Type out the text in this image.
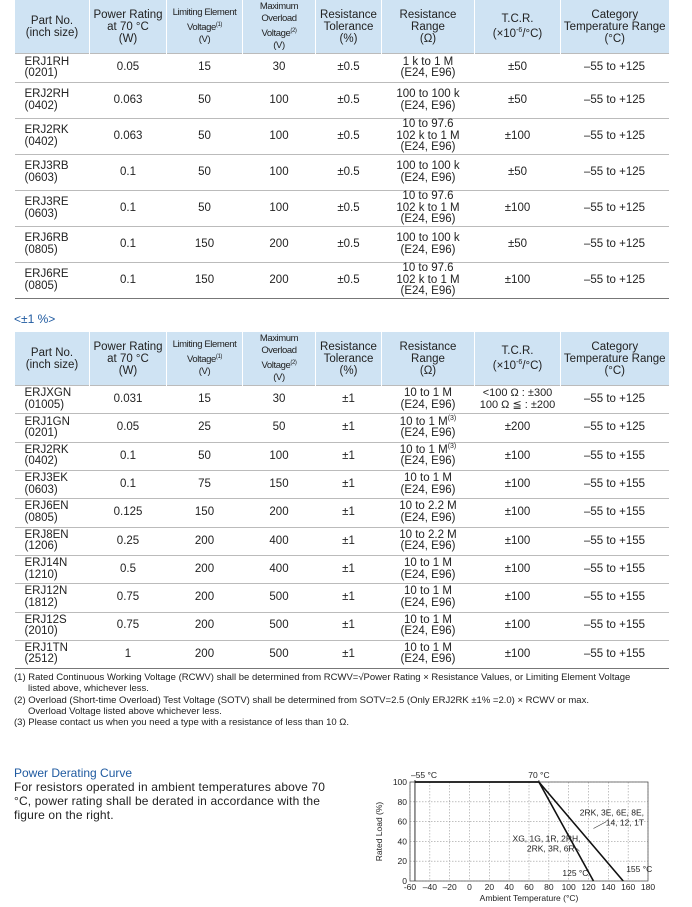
Part No.
(inch size)	Power Rating
at 70 °C
(W)	Limiting Element
Voltage$^{(1)}$
(V)	Maximum Overload
Voltage$^{(2)}$
(V)	Resistance
Tolerance
(%)	Resistance
Range
(Ω)	T.C.R.
$(\times 10^{-6}/^\circ C)$	Category
Temperature Range
(°C)
ERJ1RH
(0201)	0.05	15	30	±0.5	1 k to 1 M
(E24, E96)	±50	–55 to +125
ERJ2RH
(0402)	0.063	50	100	±0.5	100 to 100 k
(E24, E96)	±50	–55 to +125
ERJ2RK
(0402)	0.063	50	100	±0.5	10 to 97.6
102 k to 1 M
(E24, E96)	±100	–55 to +125
ERJ3RB
(0603)	0.1	50	100	±0.5	100 to 100 k
(E24, E96)	±50	–55 to +125
ERJ3RE
(0603)	0.1	50	100	±0.5	10 to 97.6
102 k to 1 M
(E24, E96)	±100	–55 to +125
ERJ6RB
(0805)	0.1	150	200	±0.5	100 to 100 k
(E24, E96)	±50	–55 to +125
ERJ6RE
(0805)	0.1	150	200	±0.5	10 to 97.6
102 k to 1 M
(E24, E96)	±100	–55 to +125
<±1 %>
Part No.
(inch size)	Power Rating
at 70 °C
(W)	Limiting Element
Voltage$^{(1)}$
(V)	Maximum Overload
Voltage$^{(2)}$
(V)	Resistance
Tolerance
(%)	Resistance
Range
(Ω)	T.C.R.
$(\times 10^{-6}/^\circ C)$	Category
Temperature Range
(°C)
ERJXGN
(01005)	0.031	15	30	±1	10 to 1 M
(E24, E96)	<100 Ω : ±300
100 Ω ≦ : ±200	–55 to +125
ERJ1GN
(0201)	0.05	25	50	±1	10 to 1 $M^{(3)}$
(E24, E96)	±200	–55 to +125
ERJ2RK
(0402)	0.1	50	100	±1	10 to 1 $M^{(3)}$
(E24, E96)	±100	–55 to +155
ERJ3EK
(0603)	0.1	75	150	±1	10 to 1 M
(E24, E96)	±100	–55 to +155
ERJ6EN
(0805)	0.125	150	200	±1	10 to 2.2 M
(E24, E96)	±100	–55 to +155
ERJ8EN
(1206)	0.25	200	400	±1	10 to 2.2 M
(E24, E96)	±100	–55 to +155
ERJ14N
(1210)	0.5	200	400	±1	10 to 1 M
(E24, E96)	±100	–55 to +155
ERJ12N
(1812)	0.75	200	500	±1	10 to 1 M
(E24, E96)	±100	–55 to +155
ERJ12S
(2010)	0.75	200	500	±1	10 to 1 M
(E24, E96)	±100	–55 to +155
ERJ1TN
(2512)	1	200	500	±1	10 to 1 M
(E24, E96)	±100	–55 to +155
(1) Rated Continuous Working Voltage (RCWV) shall be determined from RCWV=√Power Rating × Resistance Values, or Limiting Element Voltage
listed above, whichever less.
(2) Overload (Short-time Overload) Test Voltage (SOTV) shall be determined from SOTV=2.5 (Only ERJ2RK ±1% =2.0) × RCWV or max.
Overload Voltage listed above whichever less.
(3) Please contact us when you need a type with a resistance of less than 10 Ω.
Power Derating Curve
For resistors operated in ambient temperatures above 70 °C, power rating shall be derated in accordance with the figure on the right.
0
20
40
60
80
100
-60 –40 –20 0 20 40 60 80 100 120 140 160 180
Ambient Temperature (°C)
Rated Load (%)
–55 °C	70 °C
125 °C	155 °C
XG, 1G, 1R, 2RH,
2RK, 3R, 6R
2RK, 3E, 6E, 8E,
14, 12, 1T
